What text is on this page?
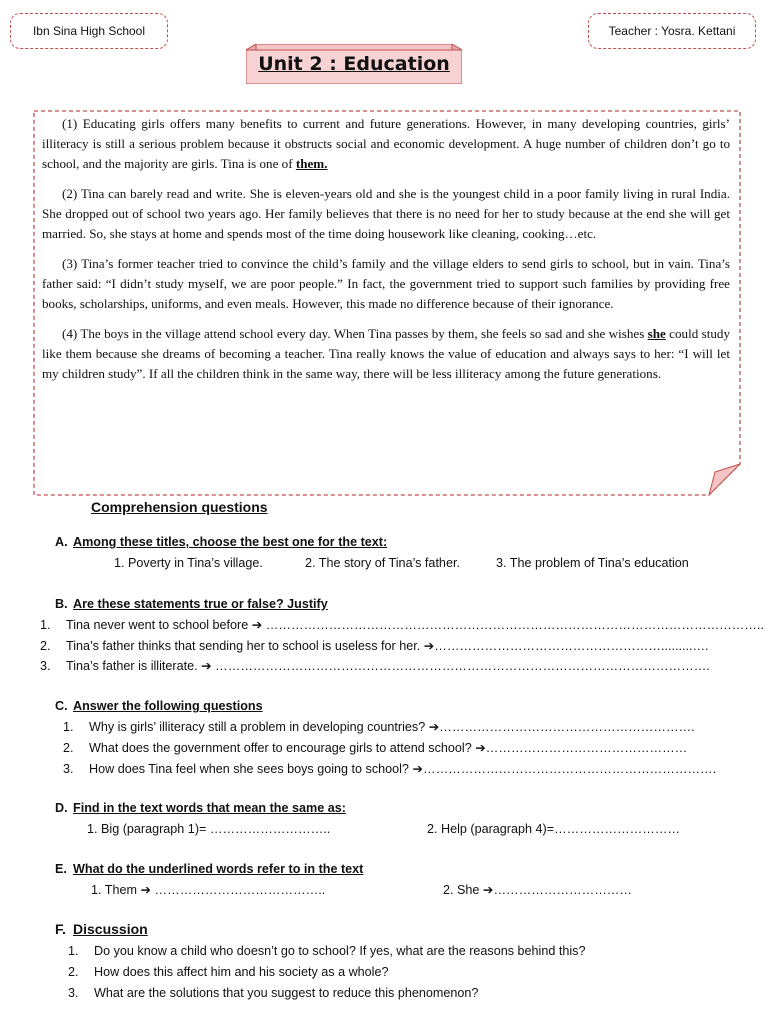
Ibn Sina High School	Teacher : Yosra. Kettani
Unit 2 : Education

(1) Educating girls offers many benefits to current and future generations. However, in many developing countries, girls’ illiteracy is still a serious problem because it obstructs social and economic development. A huge number of children don’t go to school, and the majority are girls. Tina is one of them.

(2) Tina can barely read and write. She is eleven-years old and she is the youngest child in a poor family living in rural India. She dropped out of school two years ago. Her family believes that there is no need for her to study because at the end she will get married. So, she stays at home and spends most of the time doing housework like cleaning, cooking…etc.

(3) Tina’s former teacher tried to convince the child’s family and the village elders to send girls to school, but in vain. Tina’s father said: “I didn’t study myself, we are poor people.” In fact, the government tried to support such families by providing free books, scholarships, uniforms, and even meals. However, this made no difference because of their ignorance.

(4) The boys in the village attend school every day. When Tina passes by them, she feels so sad and she wishes she could study like them because she dreams of becoming a teacher. Tina really knows the value of education and always says to her: “I will let my children study”. If all the children think in the same way, there will be less illiteracy among the future generations.

Comprehension questions
A. Among these titles, choose the best one for the text:
1. Poverty in Tina’s village.	2. The story of Tina’s father.	3. The problem of Tina’s education
B. Are these statements true or false? Justify
1. Tina never went to school before ➔ ………………………………………………………………………………………………………..
2. Tina’s father thinks that sending her to school is useless for her. ➔……………………………………………….........….
3. Tina’s father is illiterate. ➔ ……………………………………………………………………………………………………….
C. Answer the following questions
1. Why is girls’ illiteracy still a problem in developing countries? ➔…………………………………………………….
2. What does the government offer to encourage girls to attend school? ➔…………………………………………
3. How does Tina feel when she sees boys going to school? ➔…………………………………………………………….
D. Find in the text words that mean the same as:
1. Big (paragraph 1)= ………………………..	2. Help (paragraph 4)=…………………………
E. What do the underlined words refer to in the text
1. Them ➔ …………………………………..	2. She ➔……………………………
F. Discussion
1. Do you know a child who doesn’t go to school? If yes, what are the reasons behind this?
2. How does this affect him and his society as a whole?
3. What are the solutions that you suggest to reduce this phenomenon?
